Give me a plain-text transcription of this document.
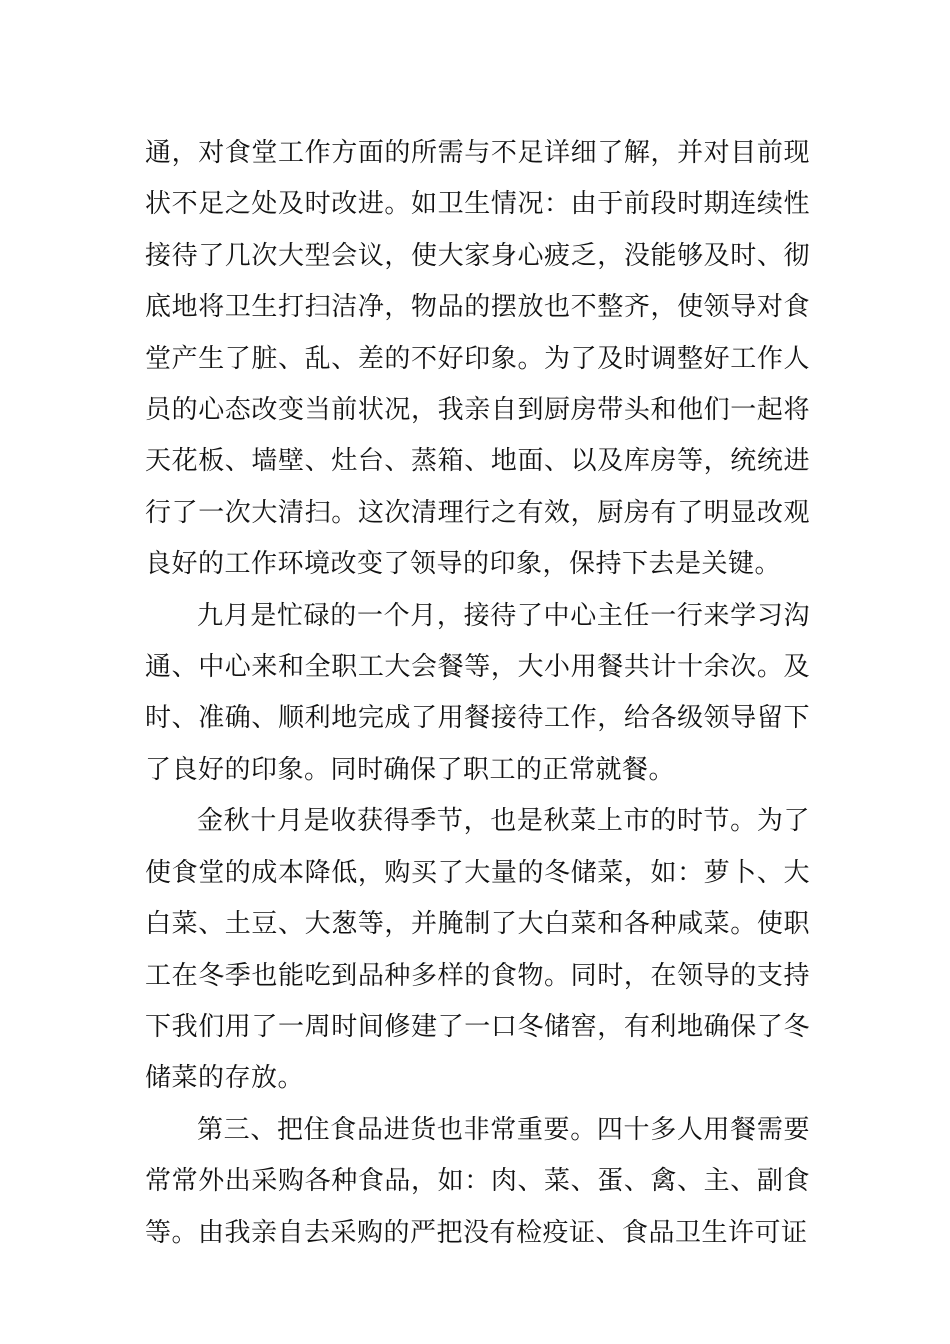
通，对食堂工作方面的所需与不足详细了解，并对目前现状不足之处及时改进。如卫生情况：由于前段时期连续性接待了几次大型会议，使大家身心疲乏，没能够及时、彻底地将卫生打扫洁净，物品的摆放也不整齐，使领导对食堂产生了脏、乱、差的不好印象。为了及时调整好工作人员的心态改变当前状况，我亲自到厨房带头和他们一起将天花板、墙壁、灶台、蒸箱、地面、以及库房等，统统进行了一次大清扫。这次清理行之有效，厨房有了明显改观良好的工作环境改变了领导的印象，保持下去是关键。

九月是忙碌的一个月，接待了中心主任一行来学习沟通、中心来和全职工大会餐等，大小用餐共计十余次。及时、准确、顺利地完成了用餐接待工作，给各级领导留下了良好的印象。同时确保了职工的正常就餐。

金秋十月是收获得季节，也是秋菜上市的时节。为了使食堂的成本降低，购买了大量的冬储菜，如：萝卜、大白菜、土豆、大葱等，并腌制了大白菜和各种咸菜。使职工在冬季也能吃到品种多样的食物。同时，在领导的支持下我们用了一周时间修建了一口冬储窖，有利地确保了冬储菜的存放。

第三、把住食品进货也非常重要。四十多人用餐需要常常外出采购各种食品，如：肉、菜、蛋、禽、主、副食等。由我亲自去采购的严把没有检疫证、食品卫生许可证
